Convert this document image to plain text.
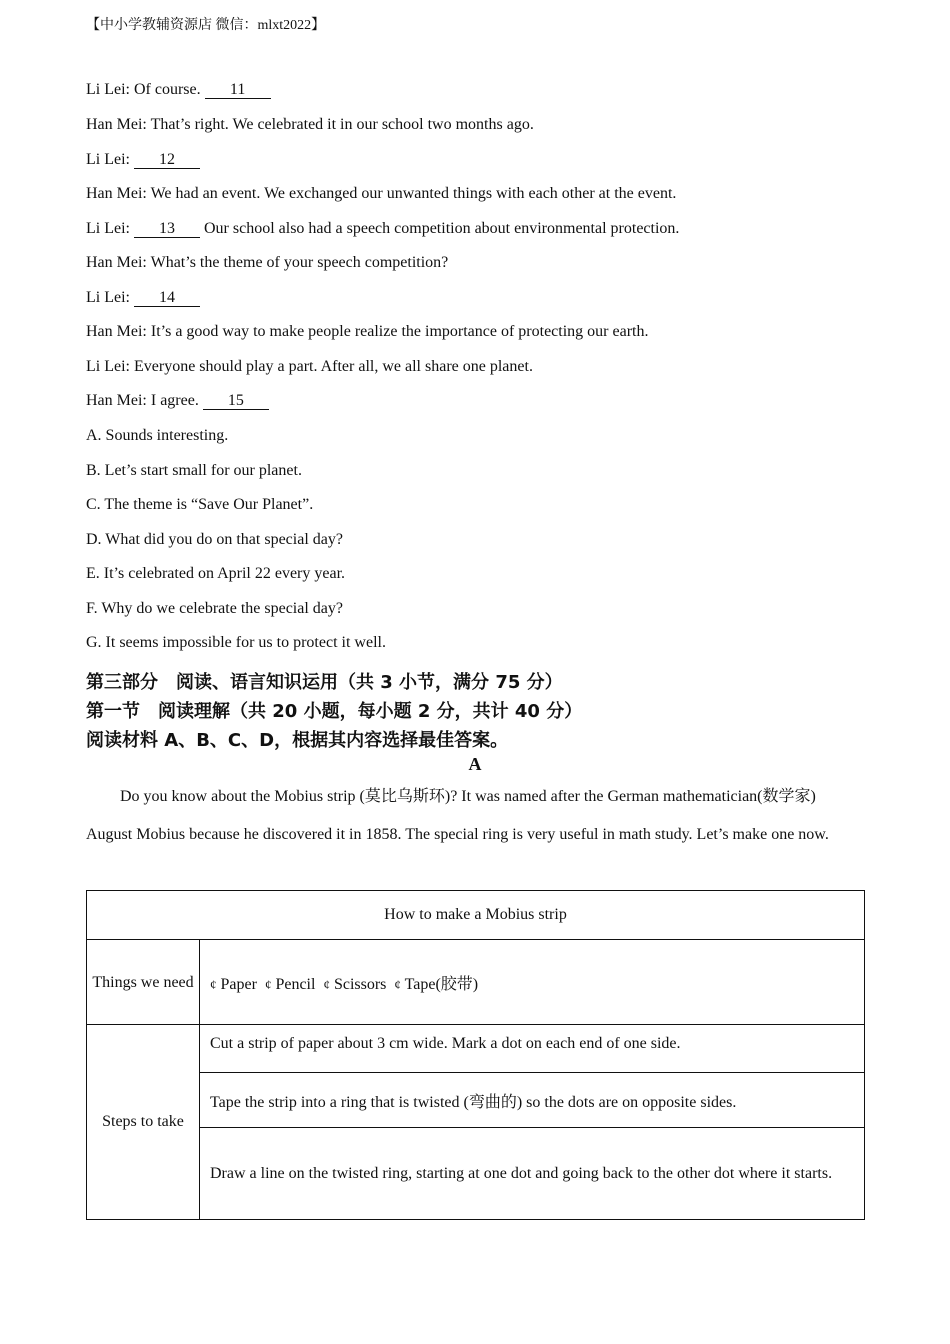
【中小学教辅资源店 微信：mlxt2022】
Li Lei: Of course. 11
Han Mei: That’s right. We celebrated it in our school two months ago.
Li Lei: 12
Han Mei: We had an event. We exchanged our unwanted things with each other at the event.
Li Lei: 13 Our school also had a speech competition about environmental protection.
Han Mei: What’s the theme of your speech competition?
Li Lei: 14
Han Mei: It’s a good way to make people realize the importance of protecting our earth.
Li Lei: Everyone should play a part. After all, we all share one planet.
Han Mei: I agree. 15
A. Sounds interesting.
B. Let’s start small for our planet.
C. The theme is “Save Our Planet”.
D. What did you do on that special day?
E. It’s celebrated on April 22 every year.
F. Why do we celebrate the special day?
G. It seems impossible for us to protect it well.
第三部分　阅读、语言知识运用（共 3 小节，满分 75 分）
第一节　阅读理解（共 20 小题，每小题 2 分，共计 40 分）
阅读材料 A、B、C、D，根据其内容选择最佳答案。
A
Do you know about the Mobius strip (莫比乌斯环)? It was named after the German mathematician(数学家) August Mobius because he discovered it in 1858. The special ring is very useful in math study. Let’s make one now.
How to make a Mobius strip	
Things we need	¢ Paper ¢ Pencil ¢ Scissors ¢ Tape(胶带)
Steps to take	Cut a strip of paper about 3 cm wide. Mark a dot on each end of one side.
	Tape the strip into a ring that is twisted (弯曲的) so the dots are on opposite sides.
	Draw a line on the twisted ring, starting at one dot and going back to the other dot where it starts.
